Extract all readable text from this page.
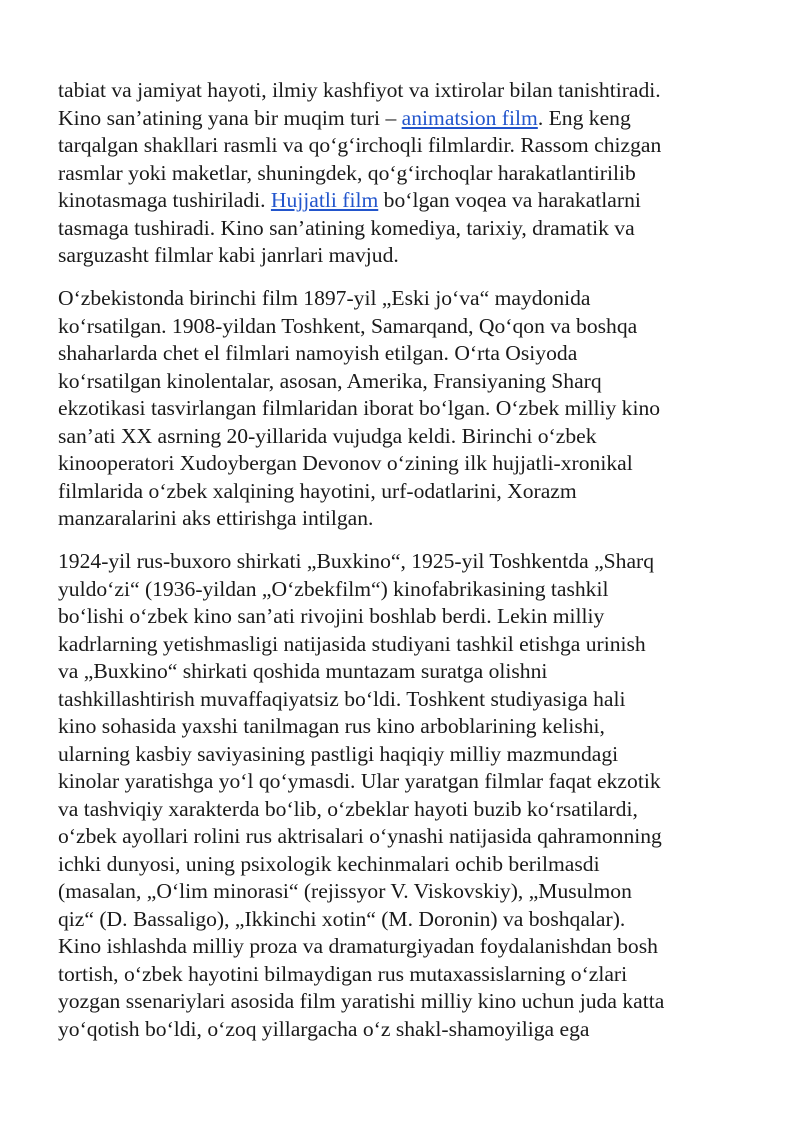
tabiat va jamiyat hayoti, ilmiy kashfiyot va ixtirolar bilan tanishtiradi.
Kino san’atining yana bir muqim turi – animatsion film. Eng keng
tarqalgan shakllari rasmli va qoʻgʻirchoqli filmlardir. Rassom chizgan
rasmlar yoki maketlar, shuningdek, qoʻgʻirchoqlar harakatlantirilib
kinotasmaga tushiriladi. Hujjatli film boʻlgan voqea va harakatlarni
tasmaga tushiradi. Kino san’atining komediya, tarixiy, dramatik va
sarguzasht filmlar kabi janrlari mavjud.

Oʻzbekistonda birinchi film 1897-yil „Eski joʻva“ maydonida
koʻrsatilgan. 1908-yildan Toshkent, Samarqand, Qoʻqon va boshqa
shaharlarda chet el filmlari namoyish etilgan. Oʻrta Osiyoda
koʻrsatilgan kinolentalar, asosan, Amerika, Fransiyaning Sharq
ekzotikasi tasvirlangan filmlaridan iborat boʻlgan. Oʻzbek milliy kino
san’ati XX asrning 20-yillarida vujudga keldi. Birinchi oʻzbek
kinooperatori Xudoybergan Devonov oʻzining ilk hujjatli-xronikal
filmlarida oʻzbek xalqining hayotini, urf-odatlarini, Xorazm
manzaralarini aks ettirishga intilgan.

1924-yil rus-buxoro shirkati „Buxkino“, 1925-yil Toshkentda „Sharq
yuldoʻzi“ (1936-yildan „Oʻzbekfilm“) kinofabrikasining tashkil
boʻlishi oʻzbek kino san’ati rivojini boshlab berdi. Lekin milliy
kadrlarning yetishmasligi natijasida studiyani tashkil etishga urinish
va „Buxkino“ shirkati qoshida muntazam suratga olishni
tashkillashtirish muvaffaqiyatsiz boʻldi. Toshkent studiyasiga hali
kino sohasida yaxshi tanilmagan rus kino arboblarining kelishi,
ularning kasbiy saviyasining pastligi haqiqiy milliy mazmundagi
kinolar yaratishga yoʻl qoʻymasdi. Ular yaratgan filmlar faqat ekzotik
va tashviqiy xarakterda boʻlib, oʻzbeklar hayoti buzib koʻrsatilardi,
oʻzbek ayollari rolini rus aktrisalari oʻynashi natijasida qahramonning
ichki dunyosi, uning psixologik kechinmalari ochib berilmasdi
(masalan, „Oʻlim minorasi“ (rejissyor V. Viskovskiy), „Musulmon
qiz“ (D. Bassaligo), „Ikkinchi xotin“ (M. Doronin) va boshqalar).
Kino ishlashda milliy proza va dramaturgiyadan foydalanishdan bosh
tortish, oʻzbek hayotini bilmaydigan rus mutaxassislarning oʻzlari
yozgan ssenariylari asosida film yaratishi milliy kino uchun juda katta
yoʻqotish boʻldi, oʻzoq yillargacha oʻz shakl-shamoyiliga ega
